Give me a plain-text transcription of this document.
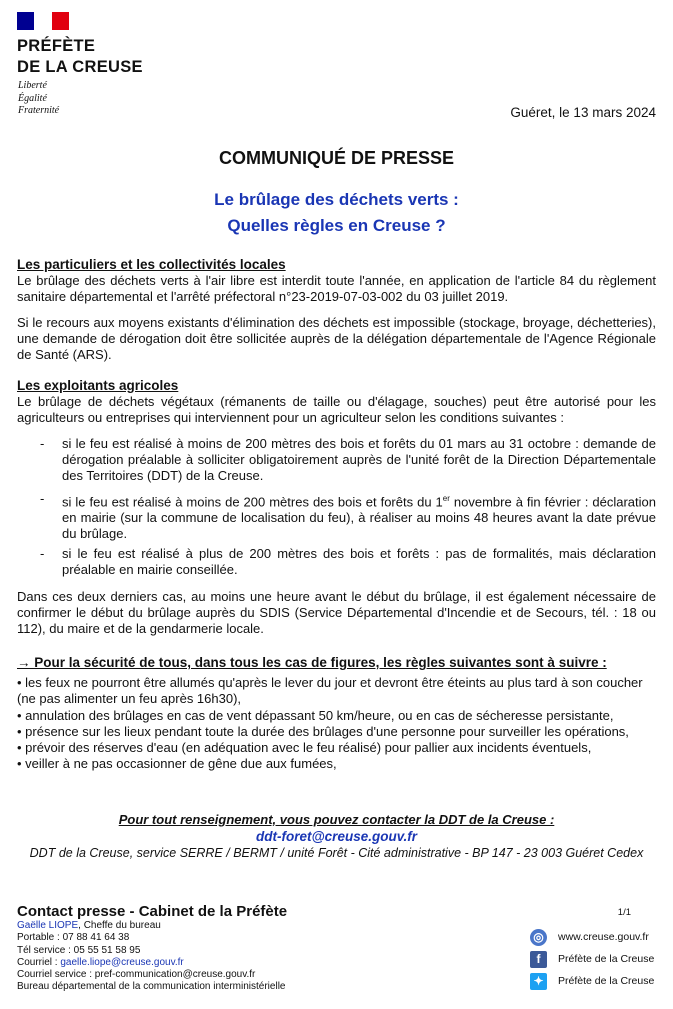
PRÉFÈTE
DE LA CREUSE
Liberté
Égalité
Fraternité	Guéret, le 13 mars 2024
COMMUNIQUÉ DE PRESSE
Le brûlage des déchets verts :
Quelles règles en Creuse ?
Les particuliers et les collectivités locales
Le brûlage des déchets verts à l'air libre est interdit toute l'année, en application de l'article 84 du règlement sanitaire départemental et l'arrêté préfectoral n°23-2019-07-03-002 du 03 juillet 2019.
Si le recours aux moyens existants d'élimination des déchets est impossible (stockage, broyage, déchetteries), une demande de dérogation doit être sollicitée auprès de la délégation départementale de l'Agence Régionale de Santé (ARS).
Les exploitants agricoles
Le brûlage de déchets végétaux (rémanents de taille ou d'élagage, souches) peut être autorisé pour les agriculteurs ou entreprises qui interviennent pour un agriculteur selon les conditions suivantes :
- si le feu est réalisé à moins de 200 mètres des bois et forêts du 01 mars au 31 octobre : demande de dérogation préalable à solliciter obligatoirement auprès de l'unité forêt de la Direction Départementale des Territoires (DDT) de la Creuse.
- si le feu est réalisé à moins de 200 mètres des bois et forêts du 1er novembre à fin février : déclaration en mairie (sur la commune de localisation du feu), à réaliser au moins 48 heures avant la date prévue du brûlage.
- si le feu est réalisé à plus de 200 mètres des bois et forêts : pas de formalités, mais déclaration préalable en mairie conseillée.
Dans ces deux derniers cas, au moins une heure avant le début du brûlage, il est également nécessaire de confirmer le début du brûlage auprès du SDIS (Service Départemental d'Incendie et de Secours, tél. : 18 ou 112), du maire et de la gendarmerie locale.
→ Pour la sécurité de tous, dans tous les cas de figures, les règles suivantes sont à suivre :
• les feux ne pourront être allumés qu'après le lever du jour et devront être éteints au plus tard à son coucher (ne pas alimenter un feu après 16h30),
• annulation des brûlages en cas de vent dépassant 50 km/heure, ou en cas de sécheresse persistante,
• présence sur les lieux pendant toute la durée des brûlages d'une personne pour surveiller les opérations,
• prévoir des réserves d'eau (en adéquation avec le feu réalisé) pour pallier aux incidents éventuels,
• veiller à ne pas occasionner de gêne due aux fumées,
Pour tout renseignement, vous pouvez contacter la DDT de la Creuse :
ddt-foret@creuse.gouv.fr
DDT de la Creuse, service SERRE / BERMT / unité Forêt - Cité administrative - BP 147 - 23 003 Guéret Cedex
Contact presse - Cabinet de la Préfète
Gaëlle LIOPE, Cheffe du bureau
Portable : 07 88 41 64 38
Tél service : 05 55 51 58 95
Courriel : gaelle.liope@creuse.gouv.fr
Courriel service : pref-communication@creuse.gouv.fr
Bureau départemental de la communication interministérielle
1/1
◎	www.creuse.gouv.fr
f	Préfète de la Creuse
✦	Préfète de la Creuse
